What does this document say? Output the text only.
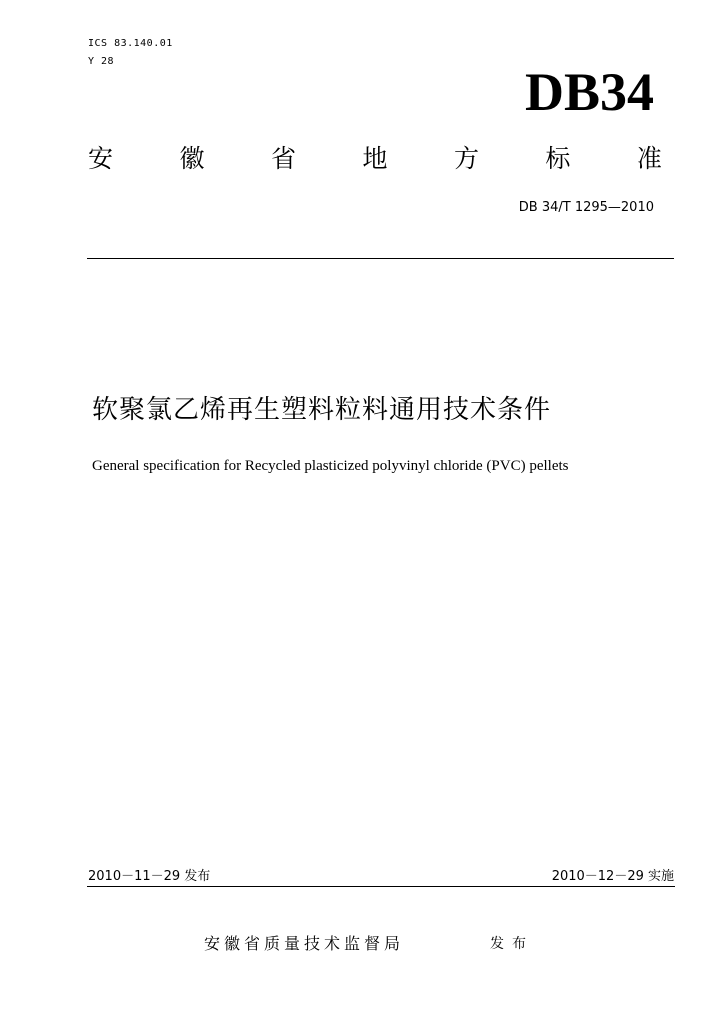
ICS 83.140.01
Y 28
DB34
安	徽	省	地	方	标	准
DB 34/T 1295—2010
软聚氯乙烯再生塑料粒料通用技术条件
General specification for Recycled plasticized polyvinyl chloride (PVC) pellets
2010－11－29 发布	2010－12－29 实施
安徽省质量技术监督局	发布
